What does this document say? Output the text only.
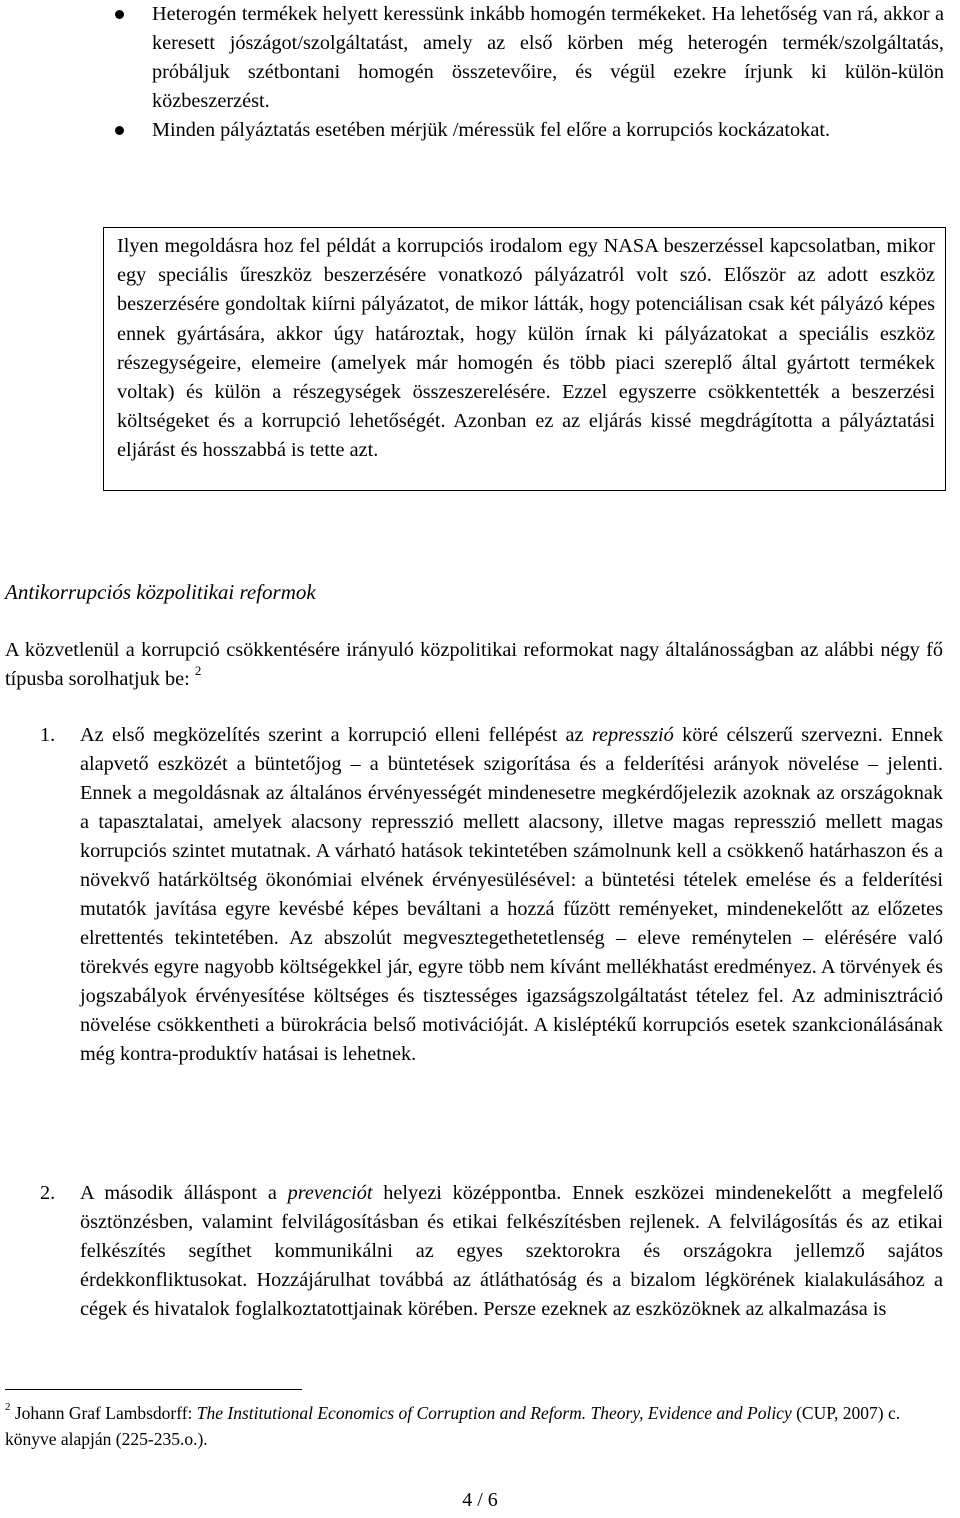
Heterogén termékek helyett keressünk inkább homogén termékeket. Ha lehetőség van rá, akkor a keresett jószágot/szolgáltatást, amely az első körben még heterogén termék/szolgáltatás, próbáljuk szétbontani homogén összetevőire, és végül ezekre írjunk ki külön-külön közbeszerzést.
Minden pályáztatás esetében mérjük /méressük fel előre a korrupciós kockázatokat.
Ilyen megoldásra hoz fel példát a korrupciós irodalom egy NASA beszerzéssel kapcsolatban, mikor egy speciális űreszköz beszerzésére vonatkozó pályázatról volt szó. Először az adott eszköz beszerzésére gondoltak kiírni pályázatot, de mikor látták, hogy potenciálisan csak két pályázó képes ennek gyártására, akkor úgy határoztak, hogy külön írnak ki pályázatokat a speciális eszköz részegységeire, elemeire (amelyek már homogén és több piaci szereplő által gyártott termékek voltak) és külön a részegységek összeszerelésére. Ezzel egyszerre csökkentették a beszerzési költségeket és a korrupció lehetőségét. Azonban ez az eljárás kissé megdrágította a pályáztatási eljárást és hosszabbá is tette azt.
Antikorrupciós közpolitikai reformok
A közvetlenül a korrupció csökkentésére irányuló közpolitikai reformokat nagy általánosságban az alábbi négy fő típusba sorolhatjuk be: $^2$
1. Az első megközelítés szerint a korrupció elleni fellépést az represszió köré célszerű szervezni. Ennek alapvető eszközét a büntetőjog – a büntetések szigorítása és a felderítési arányok növelése – jelenti. Ennek a megoldásnak az általános érvényességét mindenesetre megkérdőjelezik azoknak az országoknak a tapasztalatai, amelyek alacsony represszió mellett alacsony, illetve magas represszió mellett magas korrupciós szintet mutatnak. A várható hatások tekintetében számolnunk kell a csökkenő határhaszon és a növekvő határköltség ökonómiai elvének érvényesülésével: a büntetési tételek emelése és a felderítési mutatók javítása egyre kevésbé képes beváltani a hozzá fűzött reményeket, mindenekelőtt az előzetes elrettentés tekintetében. Az abszolút megvesztegethetetlenség – eleve reménytelen – elérésére való törekvés egyre nagyobb költségekkel jár, egyre több nem kívánt mellékhatást eredményez. A törvények és jogszabályok érvényesítése költséges és tisztességes igazságszolgáltatást tételez fel. Az adminisztráció növelése csökkentheti a bürokrácia belső motivációját. A kisléptékű korrupciós esetek szankcionálásának még kontra-produktív hatásai is lehetnek.
2. A második álláspont a prevenciót helyezi középpontba. Ennek eszközei mindenekelőtt a megfelelő ösztönzésben, valamint felvilágosításban és etikai felkészítésben rejlenek. A felvilágosítás és az etikai felkészítés segíthet kommunikálni az egyes szektorokra és országokra jellemző sajátos érdekkonfliktusokat. Hozzájárulhat továbbá az átláthatóság és a bizalom légkörének kialakulásához a cégek és hivatalok foglalkoztatottjainak körében. Persze ezeknek az eszközöknek az alkalmazása is
$^2$ Johann Graf Lambsdorff: The Institutional Economics of Corruption and Reform. Theory, Evidence and Policy (CUP, 2007) c. könyve alapján (225-235.o.).
4 / 6
